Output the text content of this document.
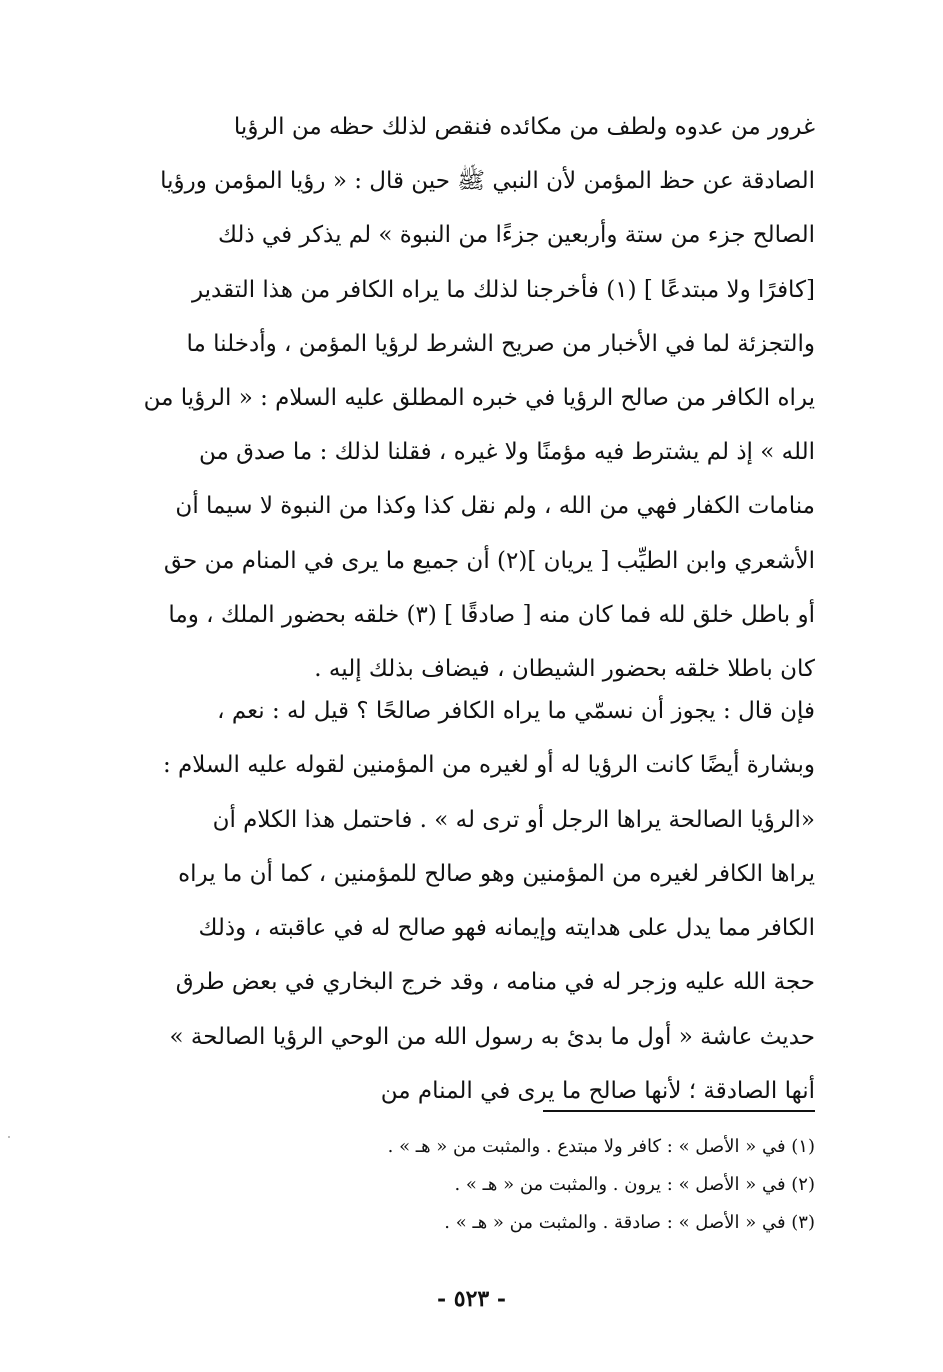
غرور من عدوه ولطف من مكائده فنقص لذلك حظه من الرؤيا
الصادقة عن حظ المؤمن لأن النبي ﷺ حين قال : « رؤيا المؤمن ورؤيا
الصالح جزء من ستة وأربعين جزءًا من النبوة » لم يذكر في ذلك
[كافرًا ولا مبتدعًا ] (١) فأخرجنا لذلك ما يراه الكافر من هذا التقدير
والتجزئة لما في الأخبار من صريح الشرط لرؤيا المؤمن ، وأدخلنا ما
يراه الكافر من صالح الرؤيا في خبره المطلق عليه السلام : « الرؤيا من
الله » إذ لم يشترط فيه مؤمنًا ولا غيره ، فقلنا لذلك : ما صدق من
منامات الكفار فهي من الله ، ولم نقل كذا وكذا من النبوة لا سيما أن
الأشعري وابن الطيِّب [ يريان ](٢) أن جميع ما يرى في المنام من حق
أو باطل خلق لله فما كان منه [ صادقًا ] (٣) خلقه بحضور الملك ، وما
كان باطلا خلقه بحضور الشيطان ، فيضاف بذلك إليه .
فإن قال : يجوز أن نسمّي ما يراه الكافر صالحًا ؟ قيل له : نعم ،
وبشارة أيضًا كانت الرؤيا له أو لغيره من المؤمنين لقوله عليه السلام :
«الرؤيا الصالحة يراها الرجل أو ترى له » . فاحتمل هذا الكلام أن
يراها الكافر لغيره من المؤمنين وهو صالح للمؤمنين ، كما أن ما يراه
الكافر مما يدل على هدايته وإيمانه فهو صالح له في عاقبته ، وذلك
حجة الله عليه وزجر له في منامه ، وقد خرج البخاري في بعض طرق
حديث عاشة « أول ما بدئ به رسول الله من الوحي الرؤيا الصالحة »
أنها الصادقة ؛ لأنها صالح ما يرى في المنام من
(١) في « الأصل » : كافر ولا مبتدع . والمثبت من « هـ » .
(٢) في « الأصل » : يرون . والمثبت من « هـ » .
(٣) في « الأصل » : صادقة . والمثبت من « هـ » .
- ٥٢٣ -
